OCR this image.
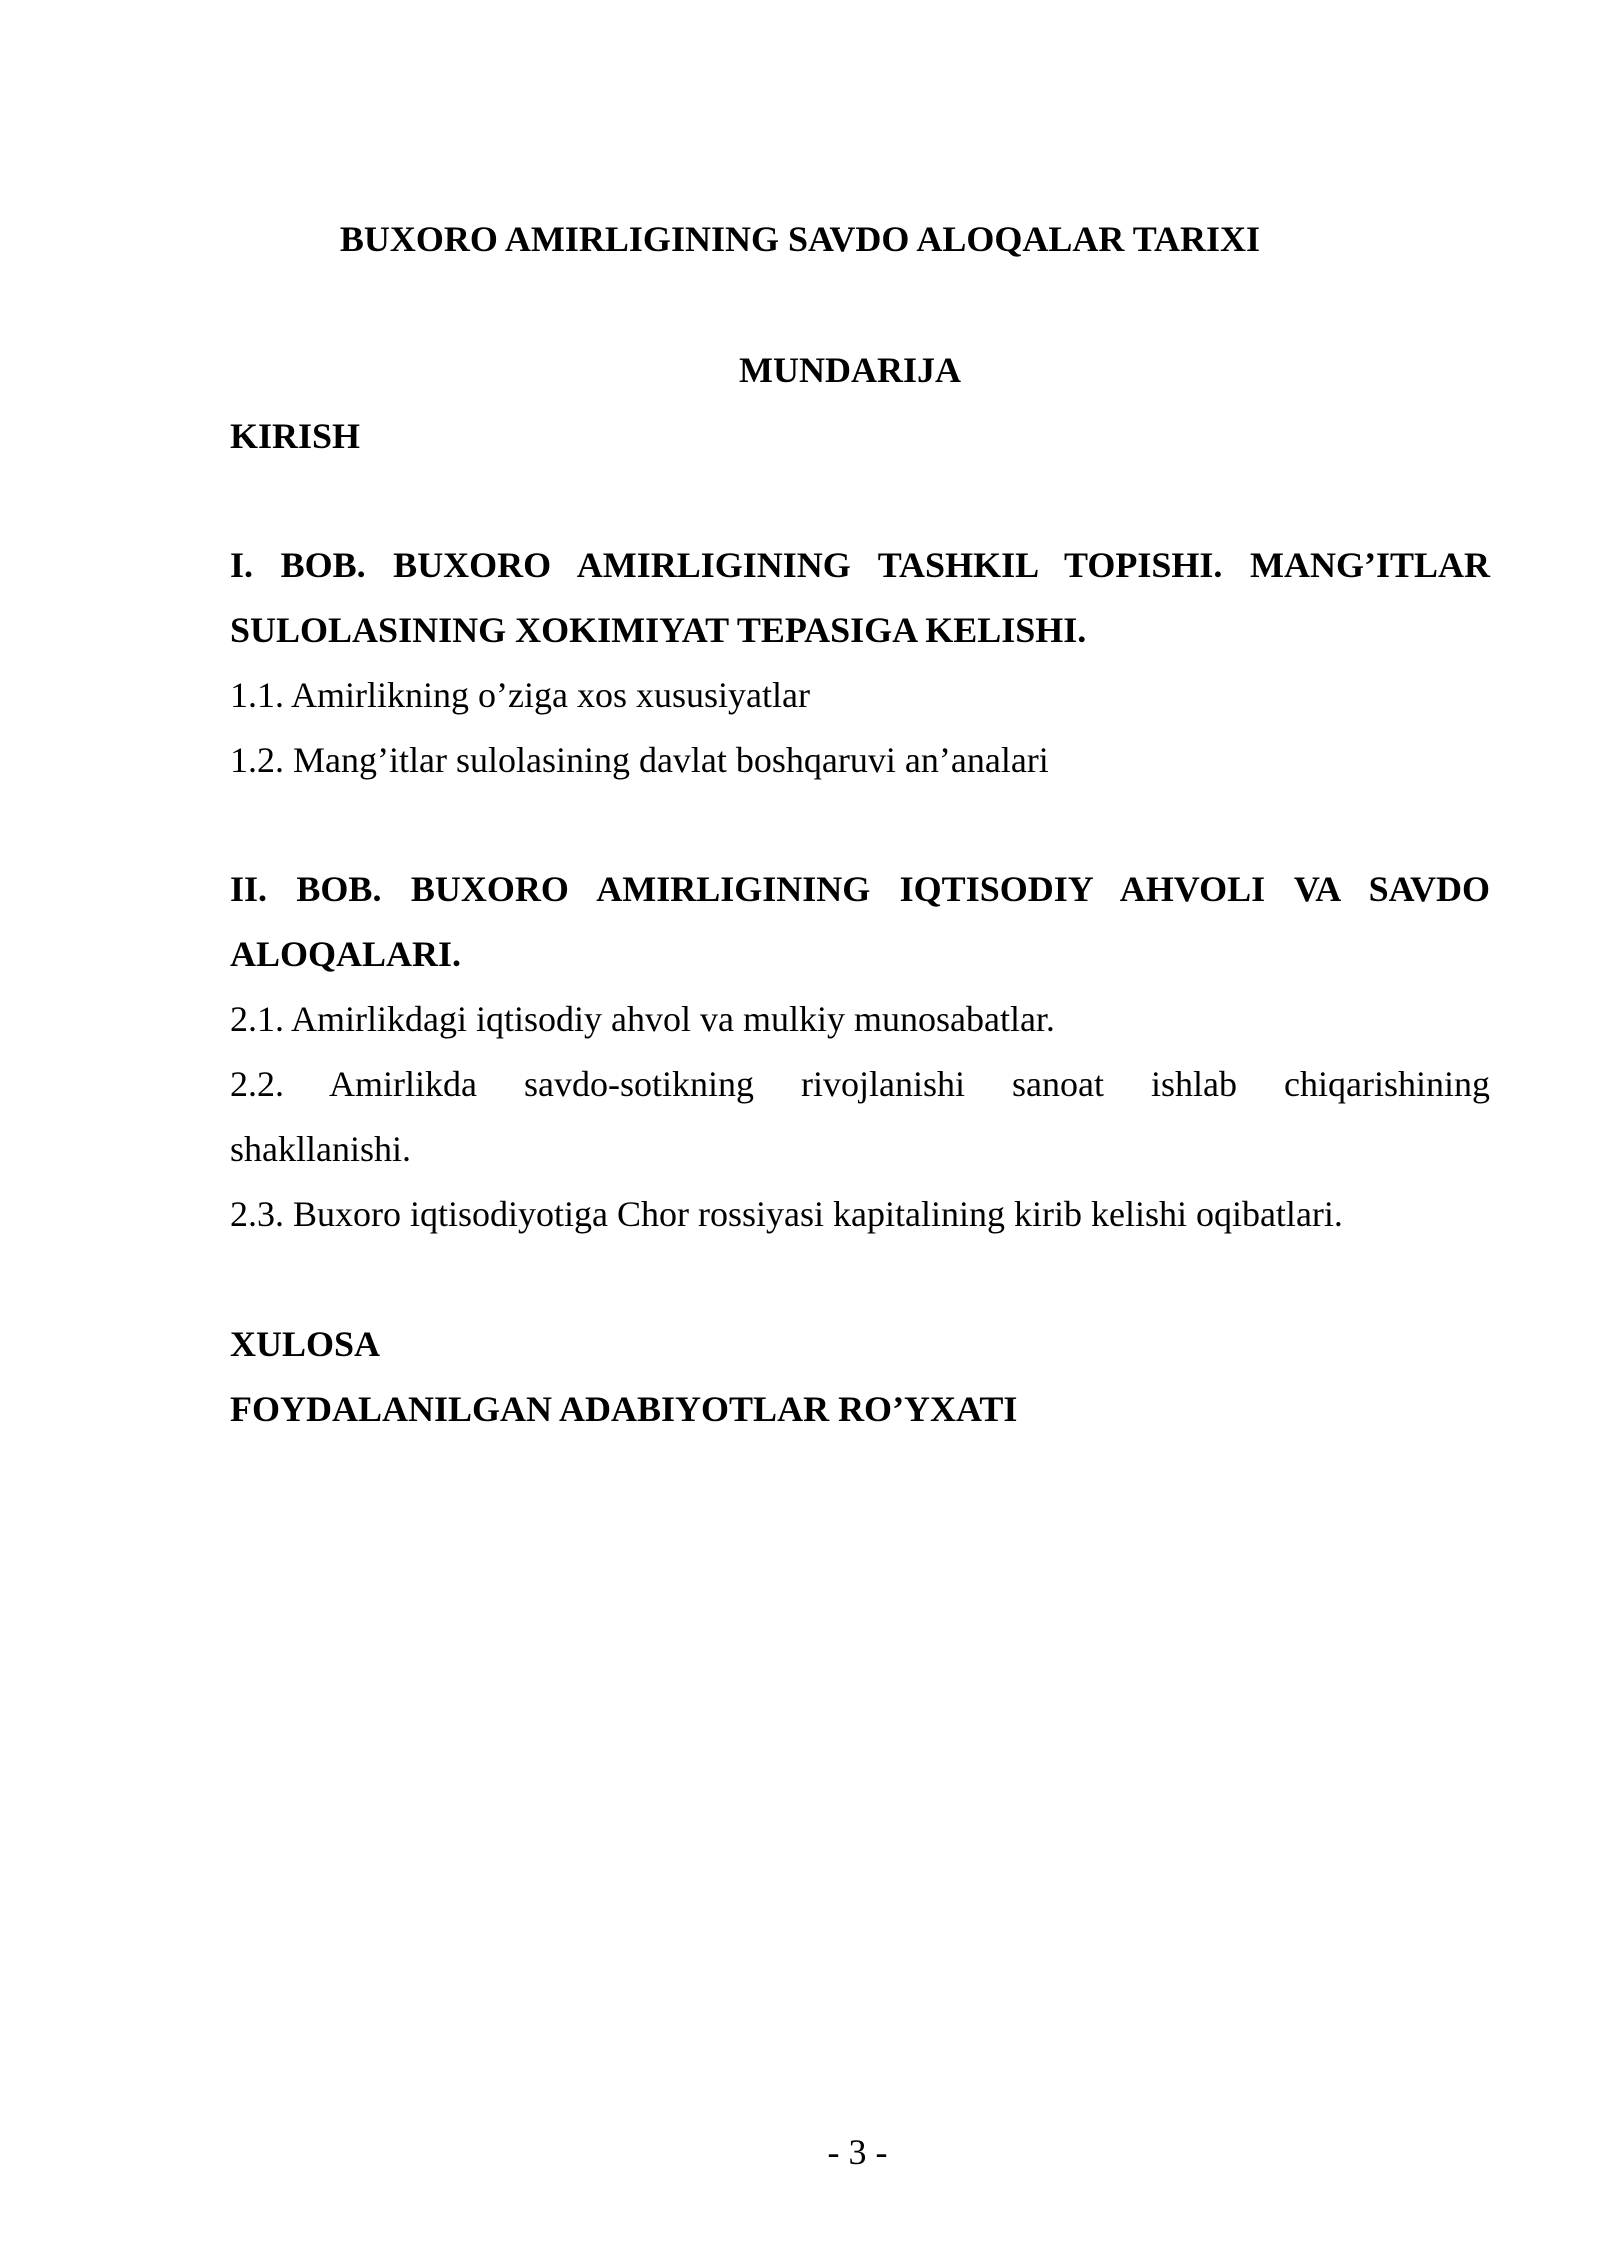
BUXORO AMIRLIGINING SAVDO ALOQALAR TARIXI
MUNDARIJA
KIRISH
I. BOB. BUXORO AMIRLIGINING TASHKIL TOPISHI. MANG’ITLAR
SULOLASINING XOKIMIYAT TEPASIGA KELISHI.
1.1. Amirlikning o’ziga xos xususiyatlar
1.2. Mang’itlar sulolasining davlat boshqaruvi an’analari
II. BOB. BUXORO AMIRLIGINING IQTISODIY AHVOLI VA SAVDO
ALOQALARI.
2.1. Amirlikdagi iqtisodiy ahvol va mulkiy munosabatlar.
2.2. Amirlikda savdo-sotikning rivojlanishi sanoat ishlab chiqarishining
shakllanishi.
2.3. Buxoro iqtisodiyotiga Chor rossiyasi kapitalining kirib kelishi oqibatlari.
XULOSA
FOYDALANILGAN ADABIYOTLAR RO’YXATI
- 3 -
